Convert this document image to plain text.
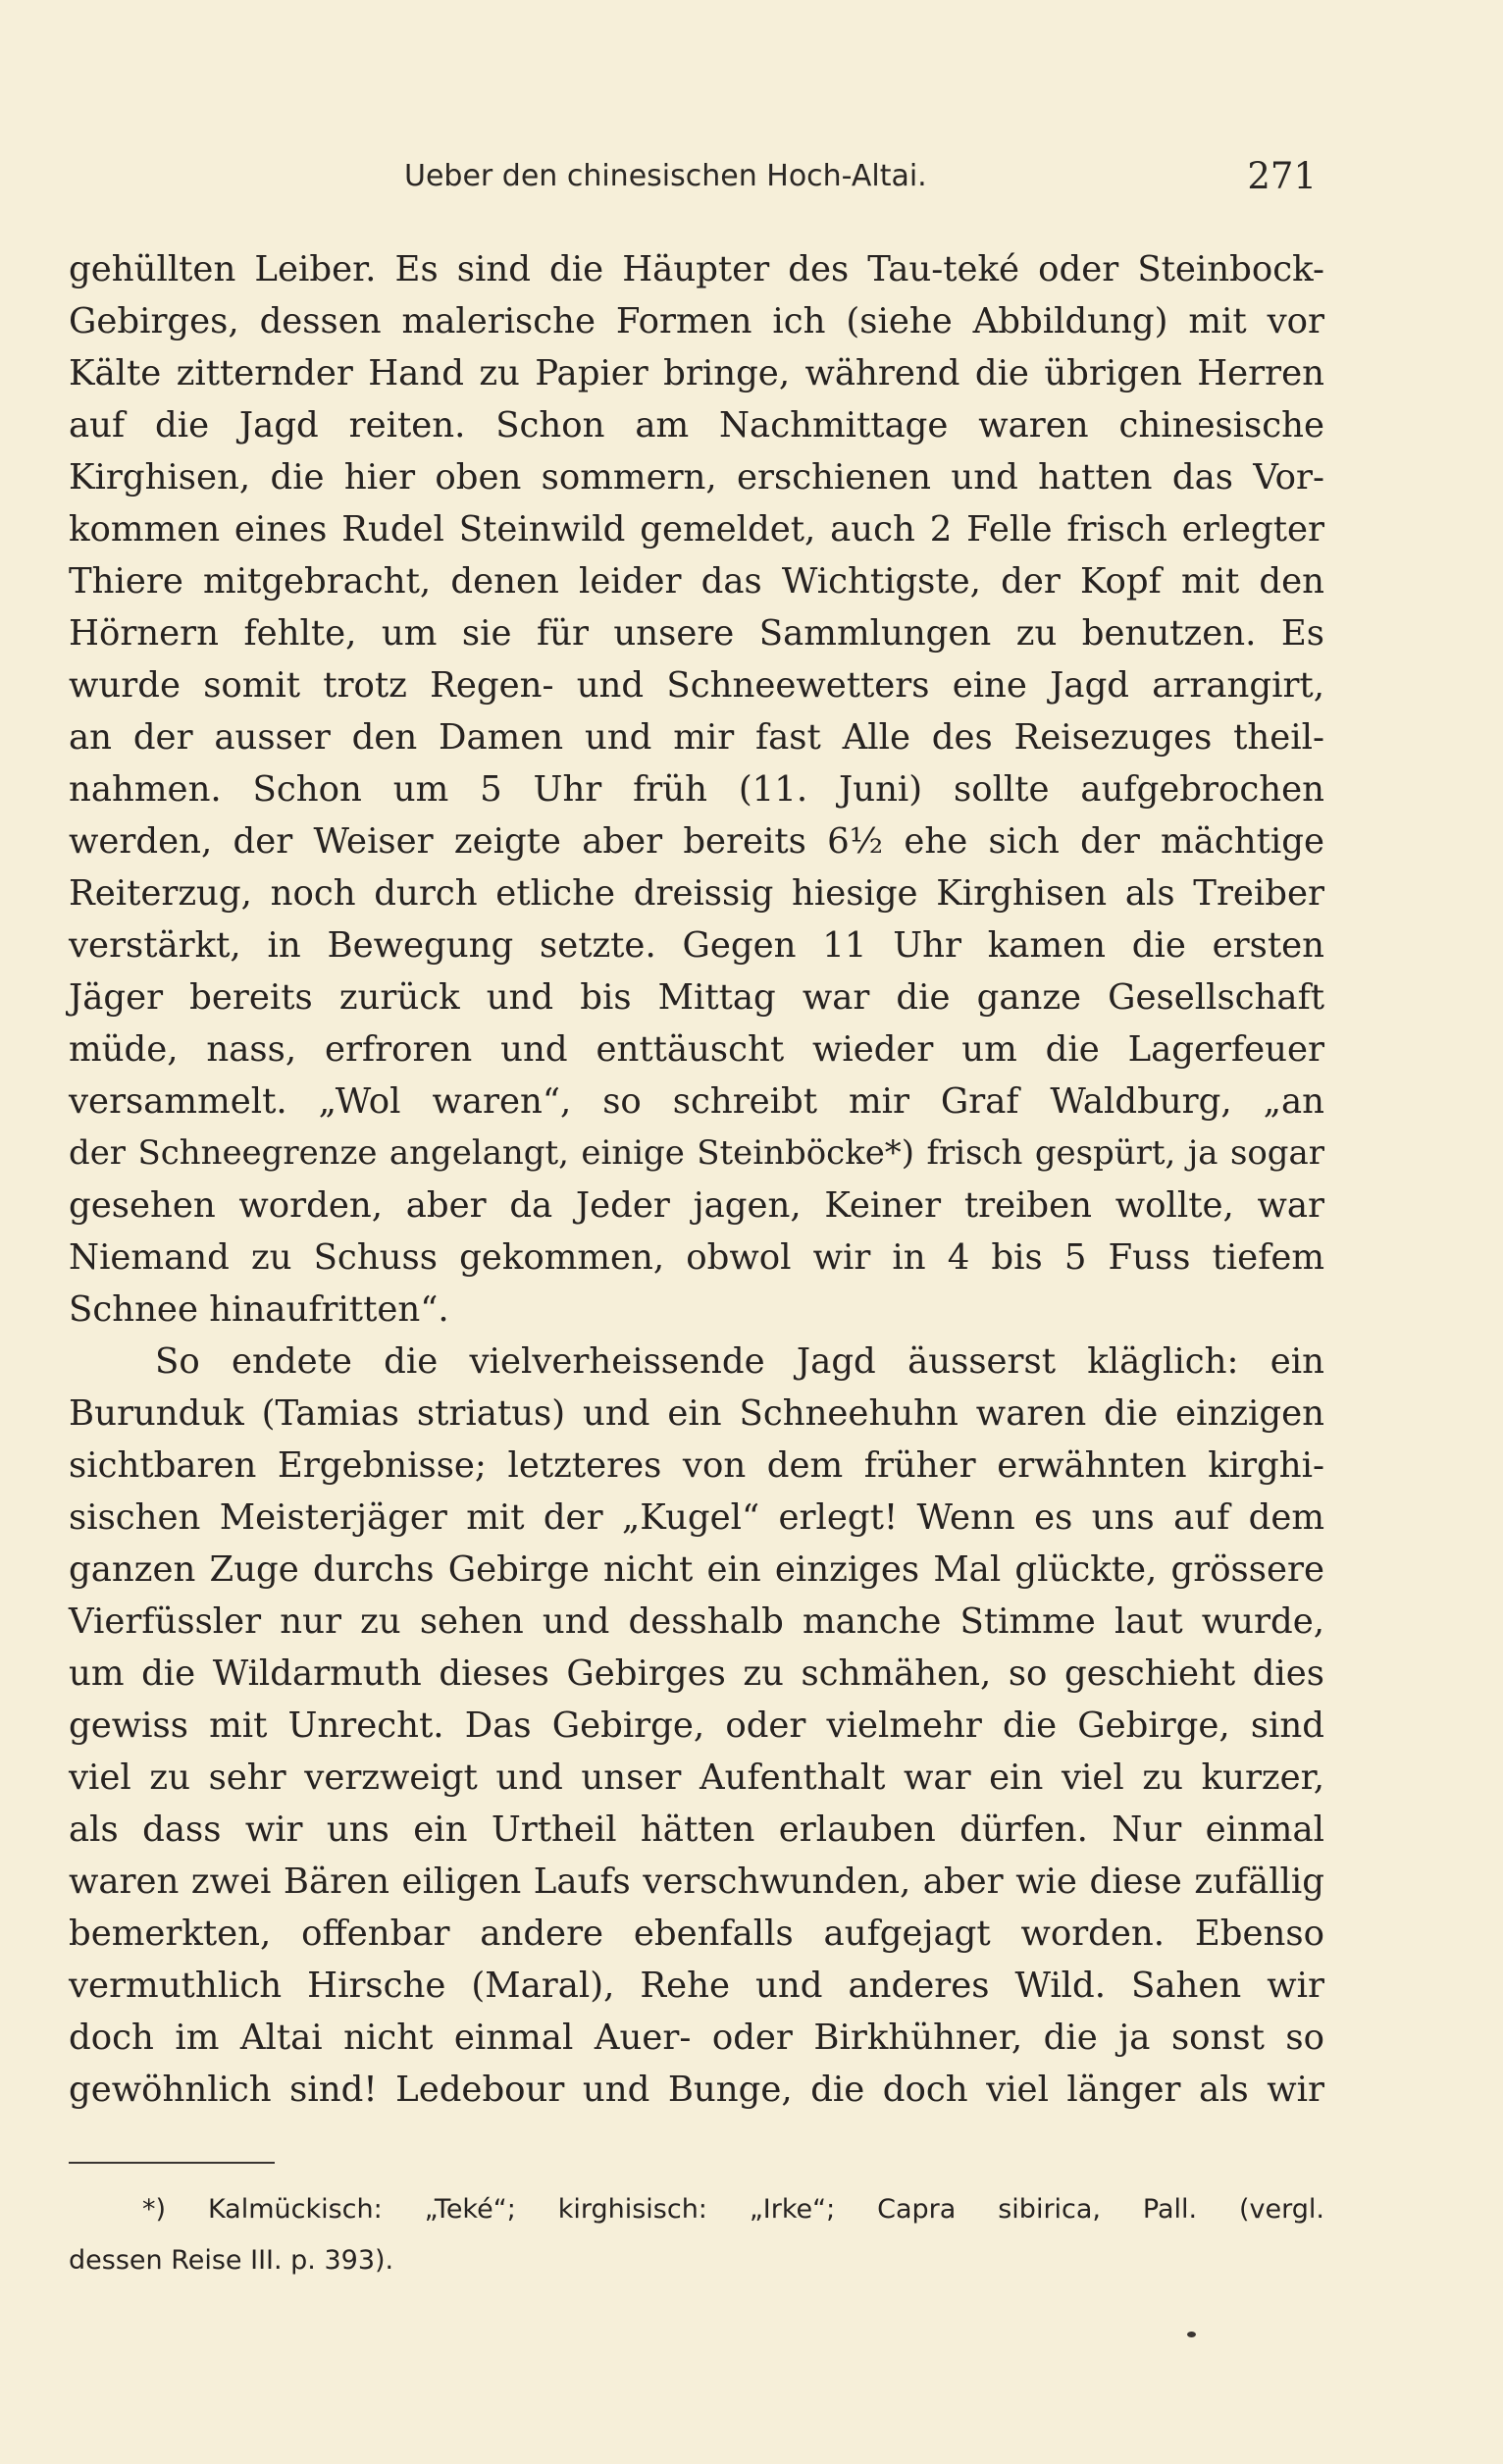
Ueber den chinesischen Hoch-Altai.	271
gehüllten Leiber. Es sind die Häupter des Tau-teké oder Steinbock-
Gebirges, dessen malerische Formen ich (siehe Abbildung) mit vor
Kälte zitternder Hand zu Papier bringe, während die übrigen Herren
auf die Jagd reiten. Schon am Nachmittage waren chinesische
Kirghisen, die hier oben sommern, erschienen und hatten das Vor-
kommen eines Rudel Steinwild gemeldet, auch 2 Felle frisch erlegter
Thiere mitgebracht, denen leider das Wichtigste, der Kopf mit den
Hörnern fehlte, um sie für unsere Sammlungen zu benutzen. Es
wurde somit trotz Regen- und Schneewetters eine Jagd arrangirt,
an der ausser den Damen und mir fast Alle des Reisezuges theil-
nahmen. Schon um 5 Uhr früh (11. Juni) sollte aufgebrochen
werden, der Weiser zeigte aber bereits 6½ ehe sich der mächtige
Reiterzug, noch durch etliche dreissig hiesige Kirghisen als Treiber
verstärkt, in Bewegung setzte. Gegen 11 Uhr kamen die ersten
Jäger bereits zurück und bis Mittag war die ganze Gesellschaft
müde, nass, erfroren und enttäuscht wieder um die Lagerfeuer
versammelt. „Wol waren“, so schreibt mir Graf Waldburg, „an
der Schneegrenze angelangt, einige Steinböcke*) frisch gespürt, ja sogar
gesehen worden, aber da Jeder jagen, Keiner treiben wollte, war
Niemand zu Schuss gekommen, obwol wir in 4 bis 5 Fuss tiefem
Schnee hinaufritten“.
So endete die vielverheissende Jagd äusserst kläglich: ein
Burunduk (Tamias striatus) und ein Schneehuhn waren die einzigen
sichtbaren Ergebnisse; letzteres von dem früher erwähnten kirghi-
sischen Meisterjäger mit der „Kugel“ erlegt! Wenn es uns auf dem
ganzen Zuge durchs Gebirge nicht ein einziges Mal glückte, grössere
Vierfüssler nur zu sehen und desshalb manche Stimme laut wurde,
um die Wildarmuth dieses Gebirges zu schmähen, so geschieht dies
gewiss mit Unrecht. Das Gebirge, oder vielmehr die Gebirge, sind
viel zu sehr verzweigt und unser Aufenthalt war ein viel zu kurzer,
als dass wir uns ein Urtheil hätten erlauben dürfen. Nur einmal
waren zwei Bären eiligen Laufs verschwunden, aber wie diese zufällig
bemerkten, offenbar andere ebenfalls aufgejagt worden. Ebenso
vermuthlich Hirsche (Maral), Rehe und anderes Wild. Sahen wir
doch im Altai nicht einmal Auer- oder Birkhühner, die ja sonst so
gewöhnlich sind! Ledebour und Bunge, die doch viel länger als wir
*) Kalmückisch: „Teké“; kirghisisch: „Irke“; Capra sibirica, Pall. (vergl.
dessen Reise III. p. 393).
